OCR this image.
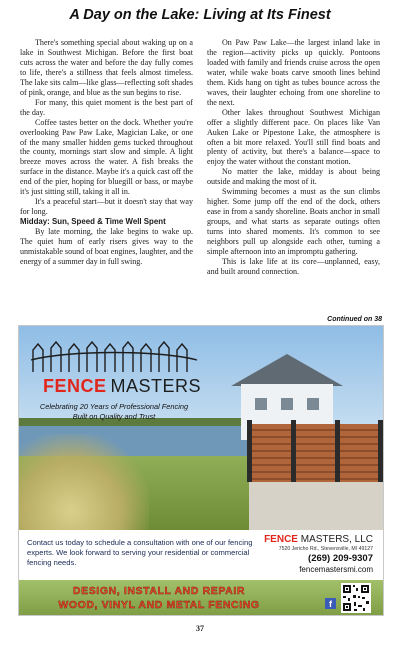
A Day on the Lake: Living at Its Finest

There's something special about waking up on a lake in Southwest Michigan. Before the first boat cuts across the water and before the day fully comes to life, there's a stillness that feels almost timeless. The lake sits calm—like glass—reflecting soft shades of pink, orange, and blue as the sun begins to rise.

For many, this quiet moment is the best part of the day.

Coffee tastes better on the dock. Whether you're overlooking Paw Paw Lake, Magician Lake, or one of the many smaller hidden gems tucked throughout the county, mornings start slow and simple. A light breeze moves across the water. A fish breaks the surface in the distance. Maybe it's a quick cast off the end of the pier, hoping for bluegill or bass, or maybe it's just sitting still, taking it all in.

It's a peaceful start—but it doesn't stay that way for long.

Midday: Sun, Speed & Time Well Spent

By late morning, the lake begins to wake up. The quiet hum of early risers gives way to the unmistakable sound of boat engines, laughter, and the energy of a summer day in full swing.

On Paw Paw Lake—the largest inland lake in the region—activity picks up quickly. Pontoons loaded with family and friends cruise across the open water, while wake boats carve smooth lines behind them. Kids hang on tight as tubes bounce across the waves, their laughter echoing from one shoreline to the next.

Other lakes throughout Southwest Michigan offer a slightly different pace. On places like Van Auken Lake or Pipestone Lake, the atmosphere is often a bit more relaxed. You'll still find boats and plenty of activity, but there's a balance—space to enjoy the water without the constant motion.

No matter the lake, midday is about being outside and making the most of it.

Swimming becomes a must as the sun climbs higher. Some jump off the end of the dock, others ease in from a sandy shoreline. Boats anchor in small groups, and what starts as separate outings often turns into shared moments. It's common to see neighbors pull up alongside each other, turning a simple afternoon into an impromptu gathering.

This is lake life at its core—unplanned, easy, and built around connection.

Continued on 38
FENCE MASTERS
Celebrating 20 Years of Professional Fencing
Built on Quality and Trust
Contact us today to schedule a consultation with one of our fencing experts. We look forward to serving your residential or commercial fencing needs.
FENCE MASTERS, LLC
7520 Jericho Rd., Stevensville, MI 49127
(269) 209-9307
fencemastersmi.com
DESIGN, INSTALL AND REPAIR
WOOD, VINYL AND METAL FENCING	f
37
